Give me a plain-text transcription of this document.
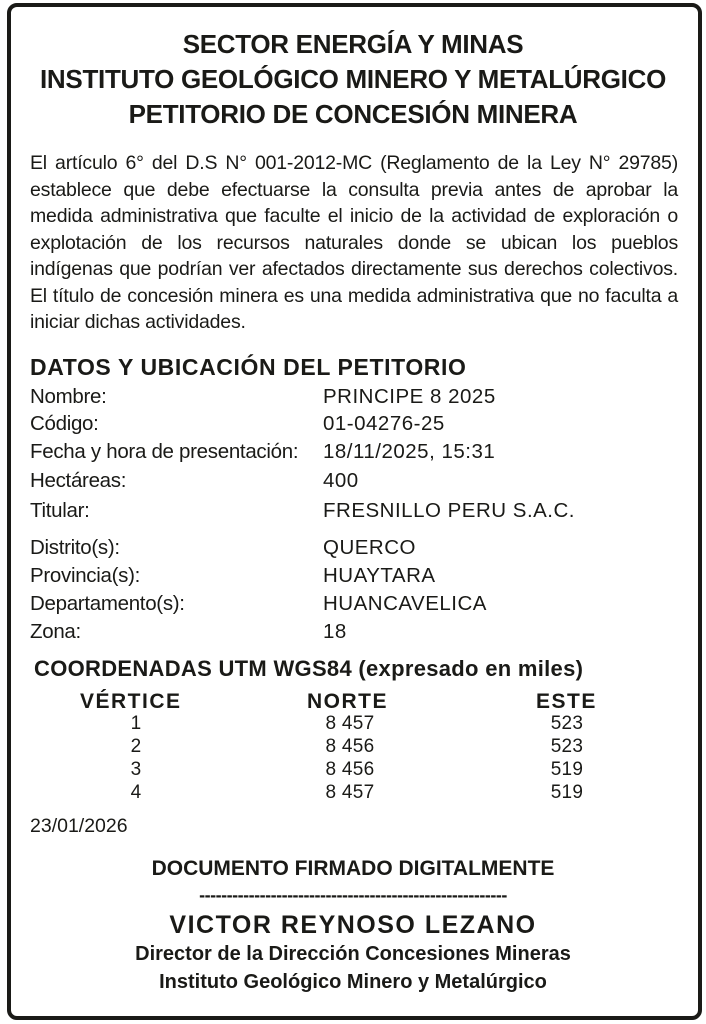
SECTOR ENERGÍA Y MINAS
INSTITUTO GEOLÓGICO MINERO Y METALÚRGICO
PETITORIO DE CONCESIÓN MINERA
El artículo 6° del D.S N° 001-2012-MC (Reglamento de la Ley N° 29785) establece que debe efectuarse la consulta previa antes de aprobar la medida administrativa que faculte el inicio de la actividad de exploración o explotación de los recursos naturales donde se ubican los pueblos indígenas que podrían ver afectados directamente sus derechos colectivos. El título de concesión minera es una medida administrativa que no faculta a iniciar dichas actividades.
DATOS Y UBICACIÓN DEL PETITORIO
Nombre:	PRINCIPE 8 2025
Código:	01-04276-25
Fecha y hora de presentación: 18/11/2025, 15:31
Hectáreas:	400
Titular:	FRESNILLO PERU S.A.C.
Distrito(s):	QUERCO
Provincia(s):	HUAYTARA
Departamento(s):	HUANCAVELICA
Zona:	18
COORDENADAS UTM WGS84 (expresado en miles)
VÉRTICE	NORTE	ESTE
1	8 457	523
2	8 456	523
3	8 456	519
4	8 457	519
23/01/2026
DOCUMENTO FIRMADO DIGITALMENTE
--------------------------------------------------------
VICTOR REYNOSO LEZANO
Director de la Dirección Concesiones Mineras
Instituto Geológico Minero y Metalúrgico
